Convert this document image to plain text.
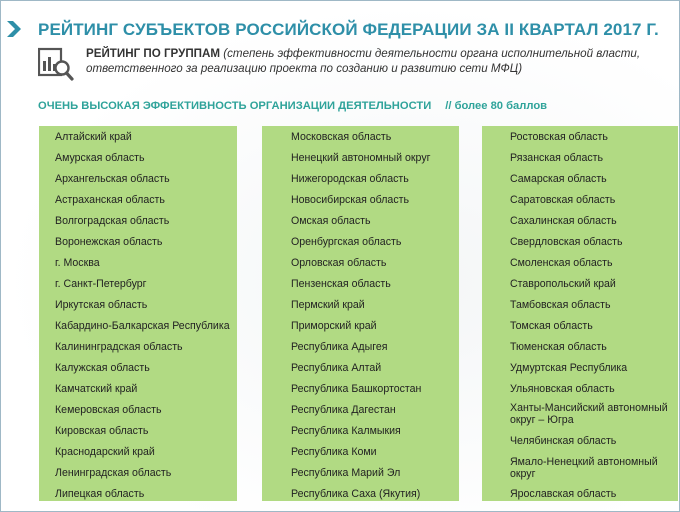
РЕЙТИНГ СУБЪЕКТОВ РОССИЙСКОЙ ФЕДЕРАЦИИ ЗА II КВАРТАЛ 2017 Г.
РЕЙТИНГ ПО ГРУППАМ (степень эффективности деятельности органа исполнительной власти, ответственного за реализацию проекта по созданию и развитию сети МФЦ)
ОЧЕНЬ ВЫСОКАЯ ЭФФЕКТИВНОСТЬ ОРГАНИЗАЦИИ ДЕЯТЕЛЬНОСТИ // более 80 баллов
Алтайский край
Амурская область
Архангельская область
Астраханская область
Волгоградская область
Воронежская область
г. Москва
г. Санкт-Петербург
Иркутская область
Кабардино-Балкарская Республика
Калининградская область
Калужская область
Камчатский край
Кемеровская область
Кировская область
Краснодарский край
Ленинградская область
Липецкая область
Московская область
Ненецкий автономный округ
Нижегородская область
Новосибирская область
Омская область
Оренбургская область
Орловская область
Пензенская область
Пермский край
Приморский край
Республика Адыгея
Республика Алтай
Республика Башкортостан
Республика Дагестан
Республика Калмыкия
Республика Коми
Республика Марий Эл
Республика Саха (Якутия)
Ростовская область
Рязанская область
Самарская область
Саратовская область
Сахалинская область
Свердловская область
Смоленская область
Ставропольский край
Тамбовская область
Томская область
Тюменская область
Удмуртская Республика
Ульяновская область
Ханты-Мансийский автономный округ – Югра
Челябинская область
Ямало-Ненецкий автономный округ
Ярославская область
